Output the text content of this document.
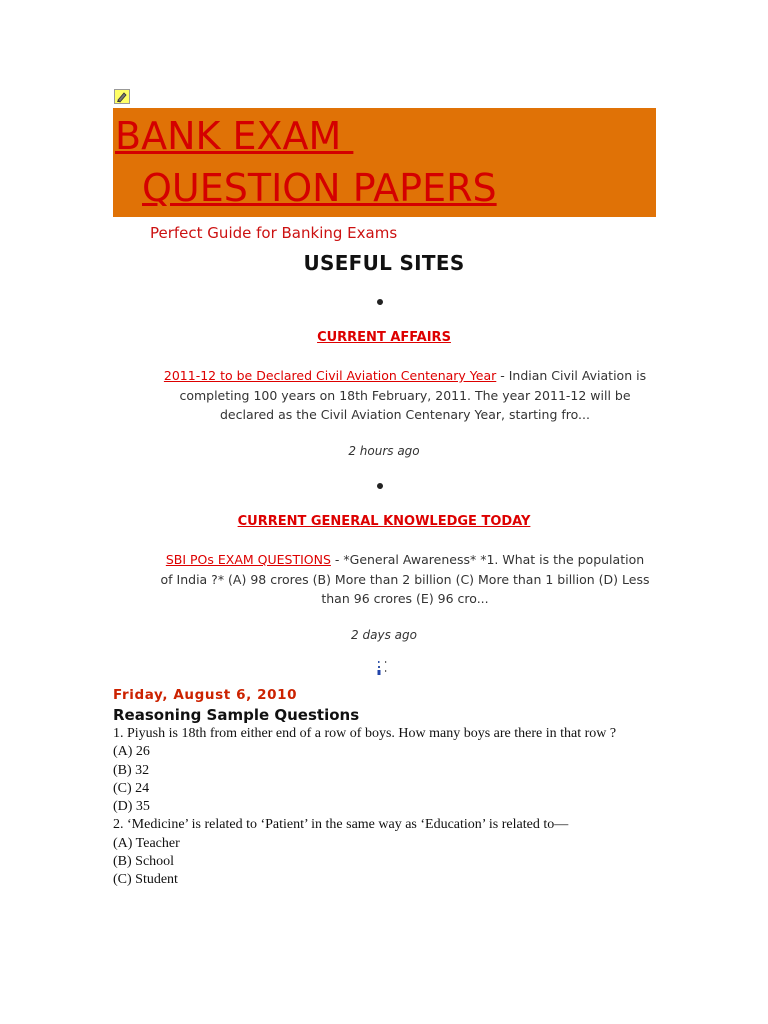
BANK EXAM
QUESTION PAPERS
Perfect Guide for Banking Exams
USEFUL SITES
CURRENT AFFAIRS
2011-12 to be Declared Civil Aviation Centenary Year - Indian Civil Aviation is completing 100 years on 18th February, 2011. The year 2011-12 will be declared as the Civil Aviation Centenary Year, starting fro...
2 hours ago
CURRENT GENERAL KNOWLEDGE TODAY
SBI POs EXAM QUESTIONS - *General Awareness* *1. What is the population of India ?* (A) 98 crores (B) More than 2 billion (C) More than 1 billion (D) Less than 96 crores (E) 96 cro...
2 days ago
Friday, August 6, 2010
Reasoning Sample Questions
1. Piyush is 18th from either end of a row of boys. How many boys are there in that row ?
(A) 26
(B) 32
(C) 24
(D) 35
2. ‘Medicine’ is related to ‘Patient’ in the same way as ‘Education’ is related to—
(A) Teacher
(B) School
(C) Student
